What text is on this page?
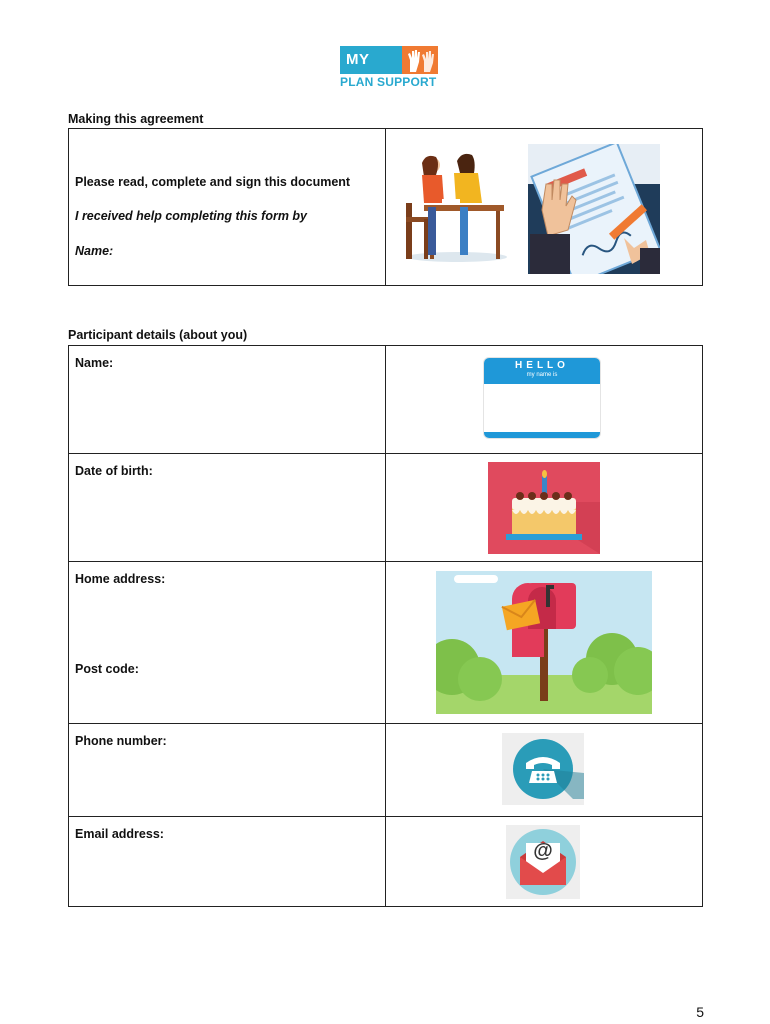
MY
PLAN SUPPORT
Making this agreement
Please read, complete and sign this document
I received help completing this form by
Name:

Participant details (about you)
Name:	HELLO
my name is

Date of birth:

Home address:
Post code:

Phone number:

Email address:	@
5
